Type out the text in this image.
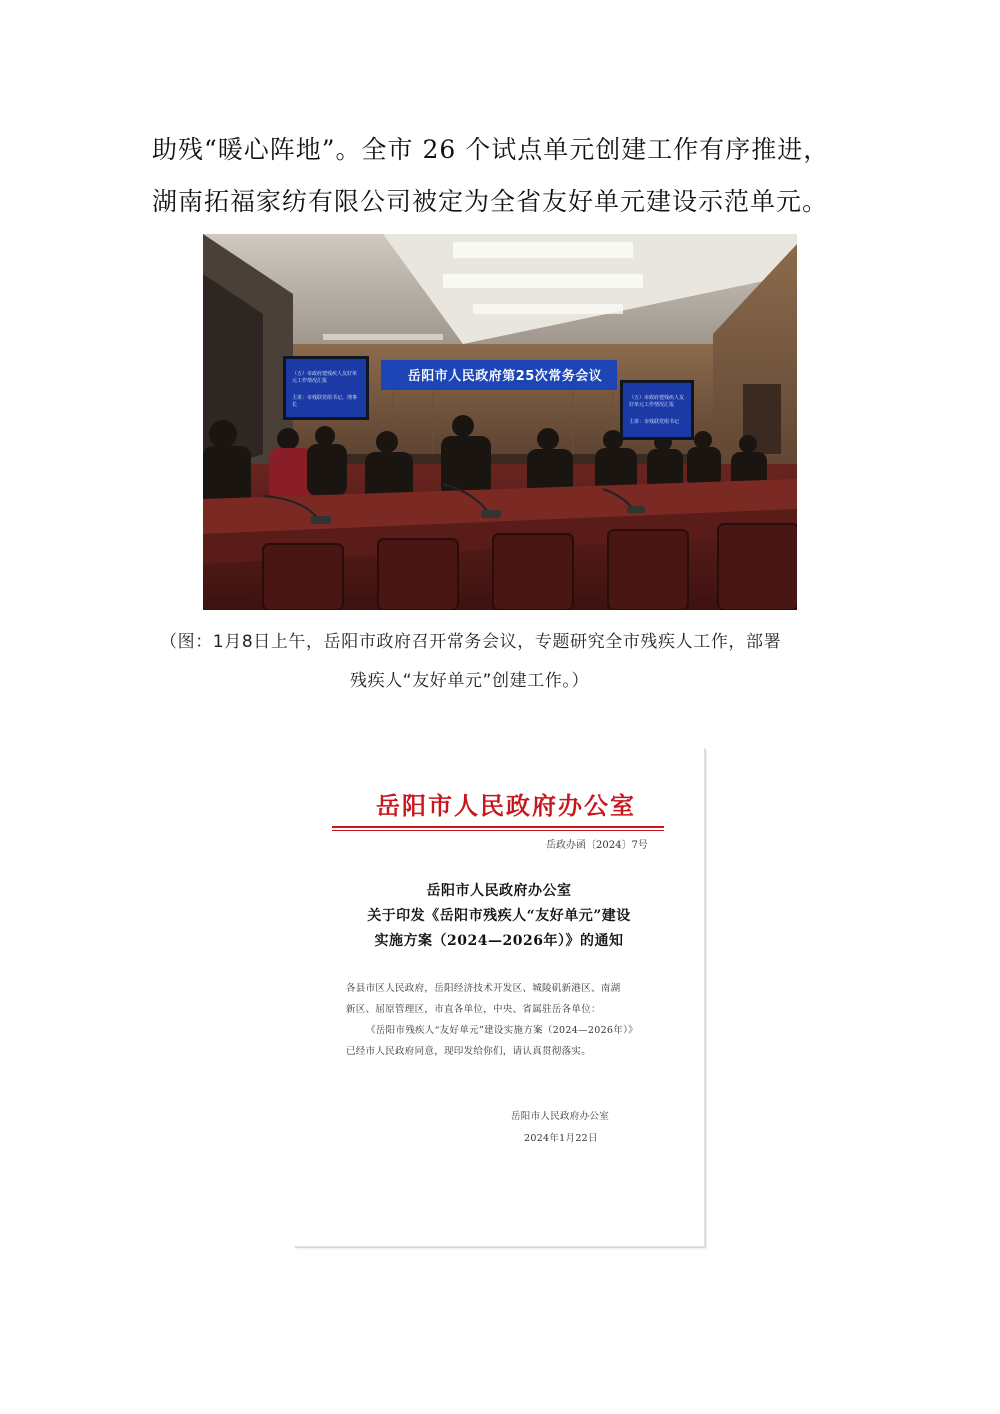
助残“暖心阵地”。全市 26 个试点单元创建工作有序推进，
湖南拓福家纺有限公司被定为全省友好单元建设示范单元。
岳阳市人民政府第25次常务会议
（五）市政府建残疾人友好单元工作情况汇报
主讲：市残联党组书记、理事长
（五）市政府建残疾人友好单元工作情况汇报
主讲：市残联党组书记
（图：1月8日上午，岳阳市政府召开常务会议，专题研究全市残疾人工作，部署
残疾人“友好单元”创建工作。）
岳阳市人民政府办公室
岳政办函〔2024〕7号
岳阳市人民政府办公室
关于印发《岳阳市残疾人“友好单元”建设
实施方案（2024—2026年）》的通知
各县市区人民政府，岳阳经济技术开发区、城陵矶新港区、南湖
新区、屈原管理区，市直各单位，中央、省属驻岳各单位：
《岳阳市残疾人“友好单元”建设实施方案（2024—2026年）》
已经市人民政府同意，现印发给你们，请认真贯彻落实。
岳阳市人民政府办公室
2024年1月22日
